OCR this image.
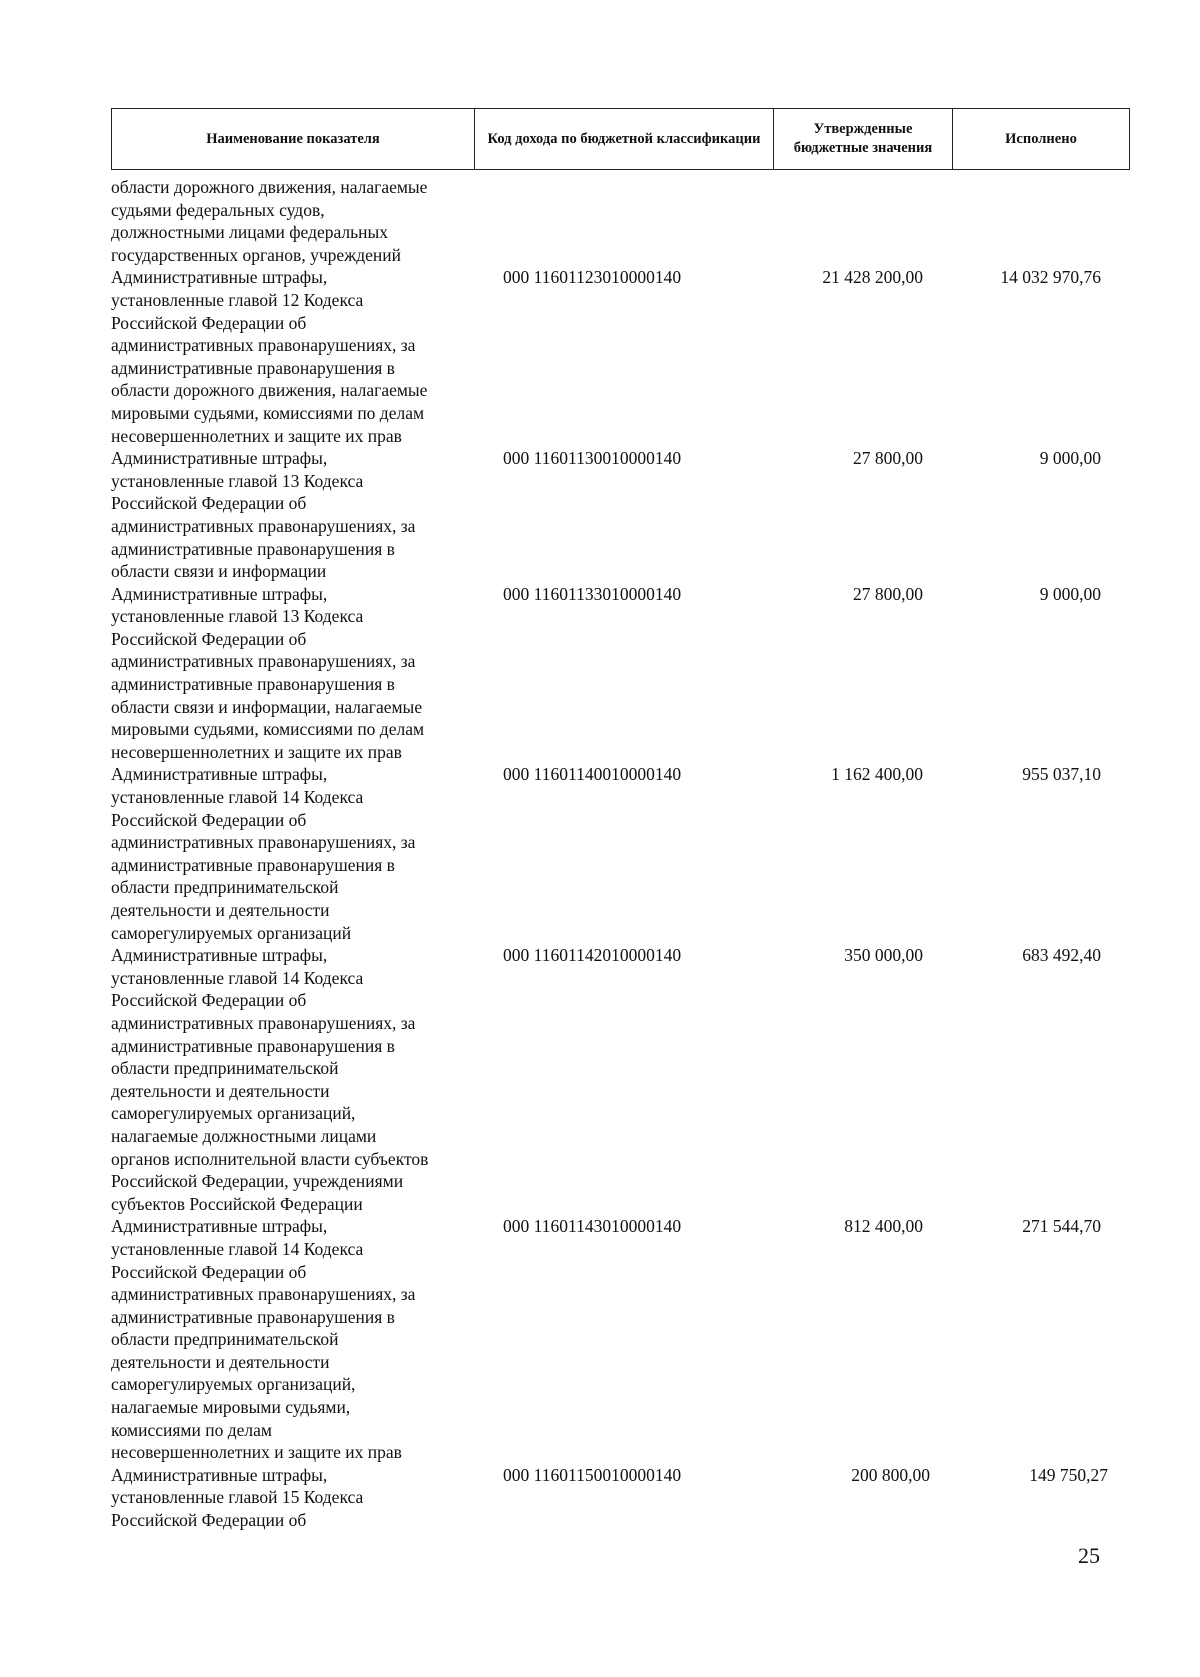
Наименование показателя	Код дохода по бюджетной классификации	Утвержденные бюджетные значения	Исполнено

области дорожного движения, налагаемые
судьями федеральных судов,
должностными лицами федеральных
государственных органов, учреждений

Административные штрафы,
установленные главой 12 Кодекса
Российской Федерации об
административных правонарушениях, за
административные правонарушения в
области дорожного движения, налагаемые
мировыми судьями, комиссиями по делам
несовершеннолетних и защите их прав

000 11601123010000140	21 428 200,00	14 032 970,76

Административные штрафы,
установленные главой 13 Кодекса
Российской Федерации об
административных правонарушениях, за
административные правонарушения в
области связи и информации

000 11601130010000140	27 800,00	9 000,00

Административные штрафы,
установленные главой 13 Кодекса
Российской Федерации об
административных правонарушениях, за
административные правонарушения в
области связи и информации, налагаемые
мировыми судьями, комиссиями по делам
несовершеннолетних и защите их прав

000 11601133010000140	27 800,00	9 000,00

Административные штрафы,
установленные главой 14 Кодекса
Российской Федерации об
административных правонарушениях, за
административные правонарушения в
области предпринимательской
деятельности и деятельности
саморегулируемых организаций

000 11601140010000140	1 162 400,00	955 037,10

Административные штрафы,
установленные главой 14 Кодекса
Российской Федерации об
административных правонарушениях, за
административные правонарушения в
области предпринимательской
деятельности и деятельности
саморегулируемых организаций,
налагаемые должностными лицами
органов исполнительной власти субъектов
Российской Федерации, учреждениями
субъектов Российской Федерации

000 11601142010000140	350 000,00	683 492,40

Административные штрафы,
установленные главой 14 Кодекса
Российской Федерации об
административных правонарушениях, за
административные правонарушения в
области предпринимательской
деятельности и деятельности
саморегулируемых организаций,
налагаемые мировыми судьями,
комиссиями по делам
несовершеннолетних и защите их прав

000 11601143010000140	812 400,00	271 544,70

Административные штрафы,
установленные главой 15 Кодекса
Российской Федерации об

000 11601150010000140	200 800,00	149 750,27
25
